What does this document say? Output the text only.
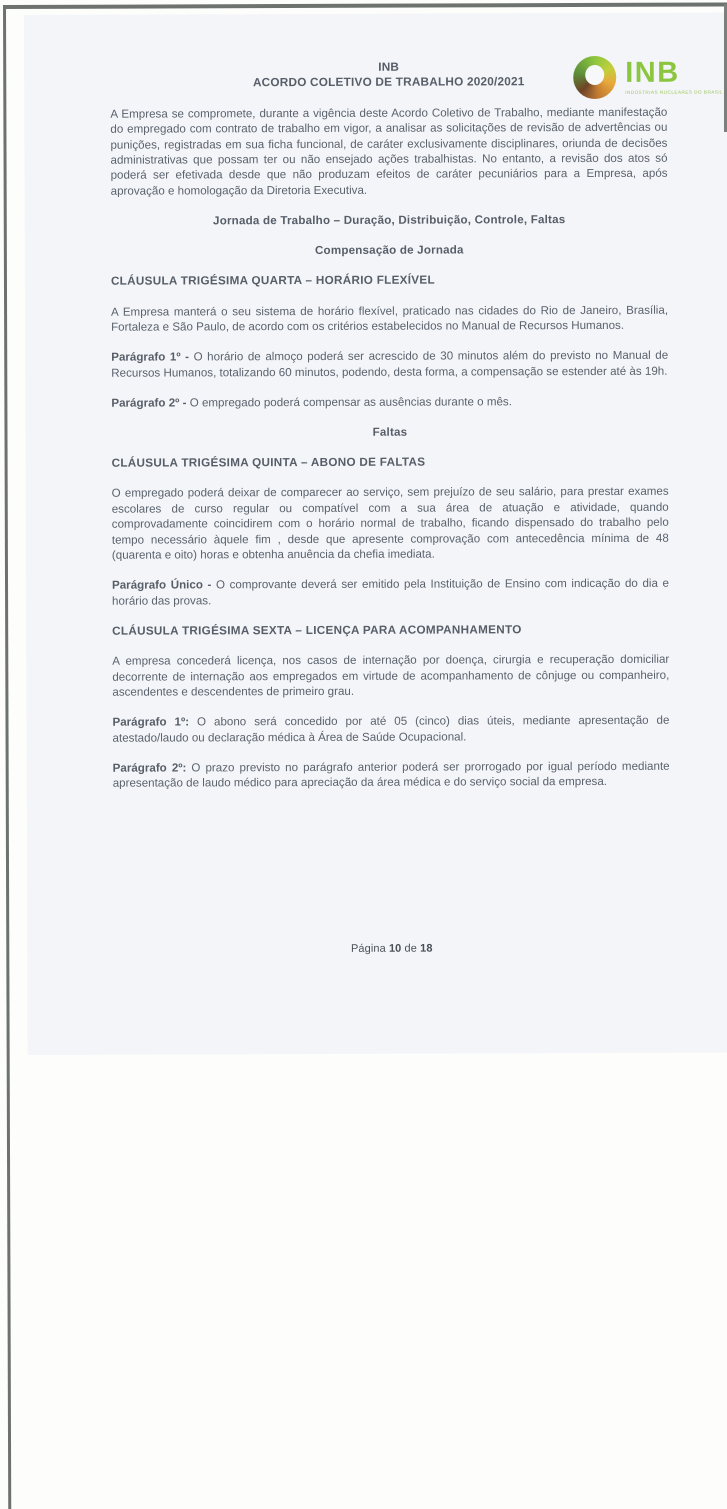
INB
INDÚSTRIAS NUCLEARES DO BRASIL
INB
ACORDO COLETIVO DE TRABALHO 2020/2021

A Empresa se compromete, durante a vigência deste Acordo Coletivo de Trabalho, mediante manifestação do empregado com contrato de trabalho em vigor, a analisar as solicitações de revisão de advertências ou punições, registradas em sua ficha funcional, de caráter exclusivamente disciplinares, oriunda de decisões administrativas que possam ter ou não ensejado ações trabalhistas. No entanto, a revisão dos atos só poderá ser efetivada desde que não produzam efeitos de caráter pecuniários para a Empresa, após aprovação e homologação da Diretoria Executiva.

Jornada de Trabalho – Duração, Distribuição, Controle, Faltas
Compensação de Jornada
CLÁUSULA TRIGÉSIMA QUARTA – HORÁRIO FLEXÍVEL

A Empresa manterá o seu sistema de horário flexível, praticado nas cidades do Rio de Janeiro, Brasília, Fortaleza e São Paulo, de acordo com os critérios estabelecidos no Manual de Recursos Humanos.

Parágrafo 1º - O horário de almoço poderá ser acrescido de 30 minutos além do previsto no Manual de Recursos Humanos, totalizando 60 minutos, podendo, desta forma, a compensação se estender até às 19h.

Parágrafo 2º - O empregado poderá compensar as ausências durante o mês.

Faltas
CLÁUSULA TRIGÉSIMA QUINTA – ABONO DE FALTAS

O empregado poderá deixar de comparecer ao serviço, sem prejuízo de seu salário, para prestar exames escolares de curso regular ou compatível com a sua área de atuação e atividade, quando comprovadamente coincidirem com o horário normal de trabalho, ficando dispensado do trabalho pelo tempo necessário àquele fim , desde que apresente comprovação com antecedência mínima de 48 (quarenta e oito) horas e obtenha anuência da chefia imediata.

Parágrafo Único - O comprovante deverá ser emitido pela Instituição de Ensino com indicação do dia e horário das provas.

CLÁUSULA TRIGÉSIMA SEXTA – LICENÇA PARA ACOMPANHAMENTO

A empresa concederá licença, nos casos de internação por doença, cirurgia e recuperação domiciliar decorrente de internação aos empregados em virtude de acompanhamento de cônjuge ou companheiro, ascendentes e descendentes de primeiro grau.

Parágrafo 1º: O abono será concedido por até 05 (cinco) dias úteis, mediante apresentação de atestado/laudo ou declaração médica à Área de Saúde Ocupacional.

Parágrafo 2º: O prazo previsto no parágrafo anterior poderá ser prorrogado por igual período mediante apresentação de laudo médico para apreciação da área médica e do serviço social da empresa.

Página 10 de 18
